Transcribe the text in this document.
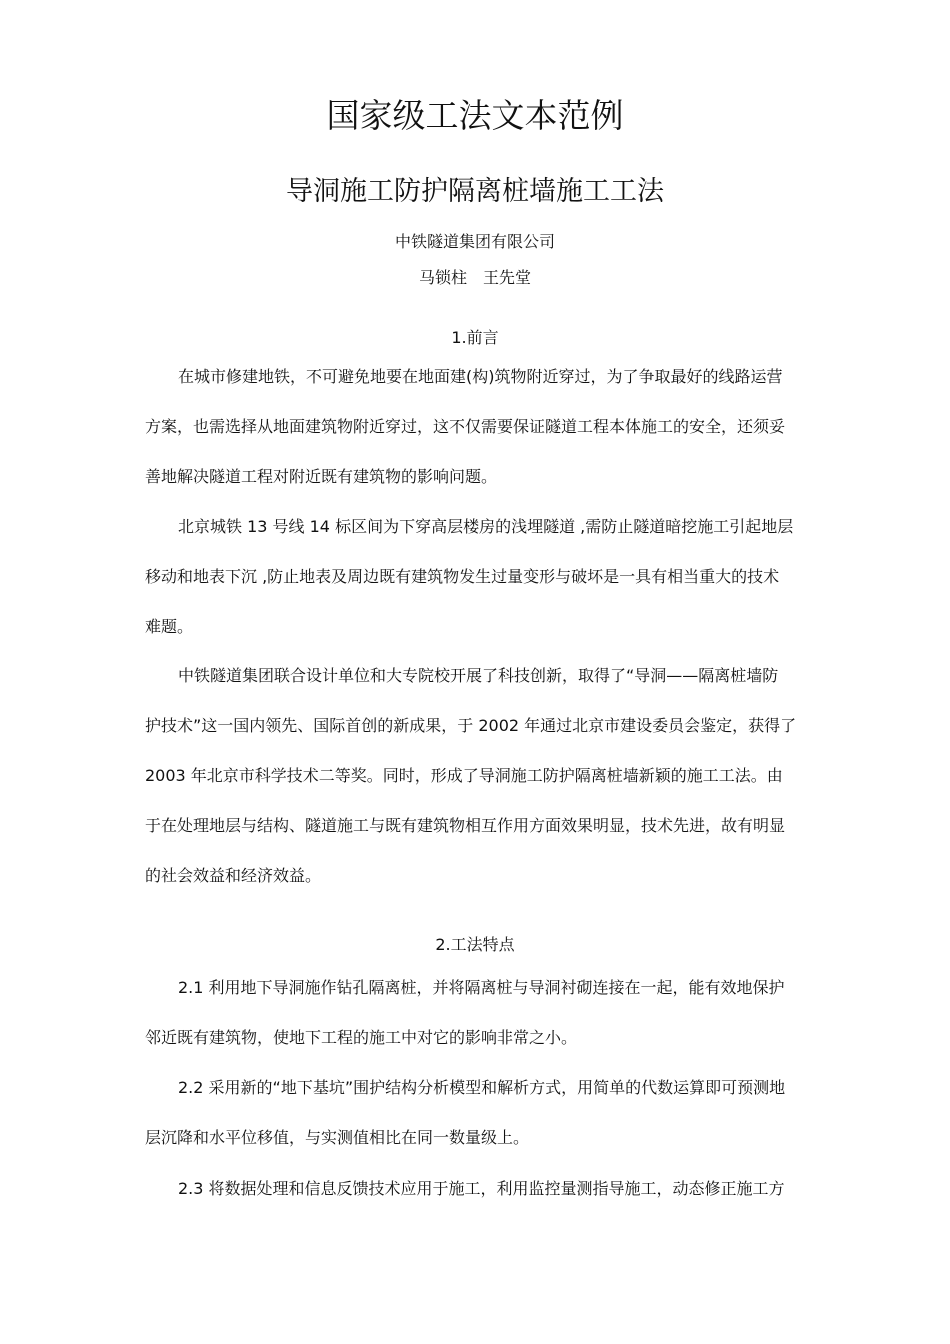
国家级工法文本范例
导洞施工防护隔离桩墙施工工法

中铁隧道集团有限公司

马锁柱 王先堂

1.前言
在城市修建地铁，不可避免地要在地面建(构)筑物附近穿过，为了争取最好的线路运营
方案，也需选择从地面建筑物附近穿过，这不仅需要保证隧道工程本体施工的安全，还须妥
善地解决隧道工程对附近既有建筑物的影响问题。
北京城铁 13 号线 14 标区间为下穿高层楼房的浅埋隧道 ,需防止隧道暗挖施工引起地层
移动和地表下沉 ,防止地表及周边既有建筑物发生过量变形与破坏是一具有相当重大的技术
难题。
中铁隧道集团联合设计单位和大专院校开展了科技创新，取得了“导洞——隔离桩墙防
护技术”这一国内领先、国际首创的新成果，于 2002 年通过北京市建设委员会鉴定，获得了
2003 年北京市科学技术二等奖。同时，形成了导洞施工防护隔离桩墙新颖的施工工法。由
于在处理地层与结构、隧道施工与既有建筑物相互作用方面效果明显，技术先进，故有明显
的社会效益和经济效益。
2.工法特点
2.1 利用地下导洞施作钻孔隔离桩，并将隔离桩与导洞衬砌连接在一起，能有效地保护
邻近既有建筑物，使地下工程的施工中对它的影响非常之小。
2.2 采用新的“地下基坑”围护结构分析模型和解析方式，用简单的代数运算即可预测地
层沉降和水平位移值，与实测值相比在同一数量级上。
2.3 将数据处理和信息反馈技术应用于施工，利用监控量测指导施工，动态修正施工方
